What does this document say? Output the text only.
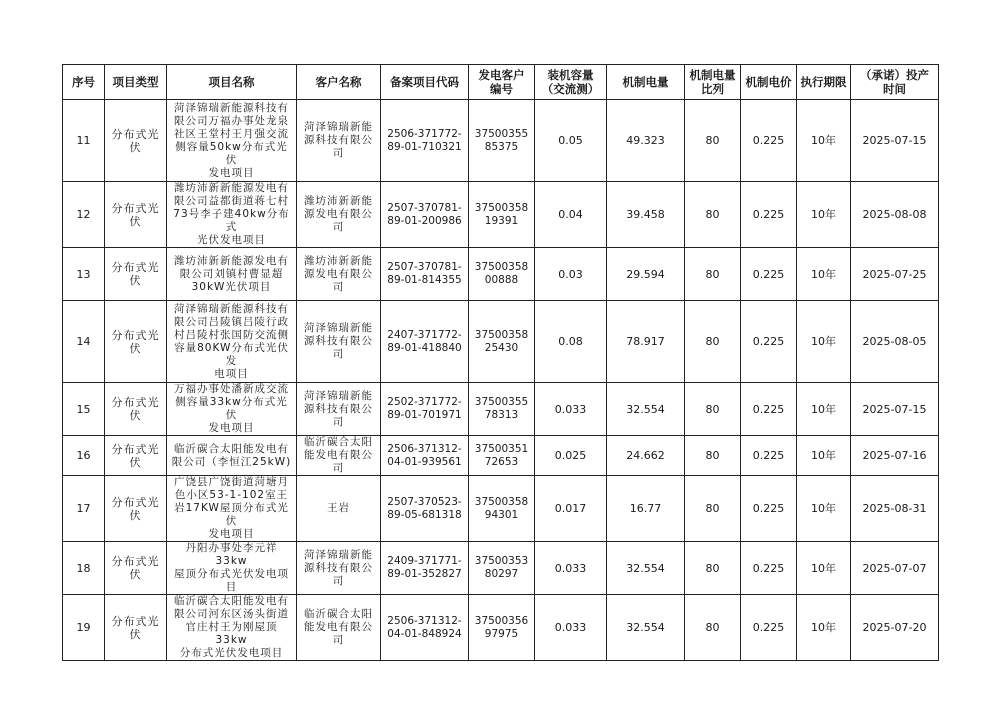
序号	项目类型	项目名称	客户名称	备案项目代码	发电客户
编号	装机容量
（交流测）	机制电量	机制电量
比列	机制电价	执行期限	（承诺）投产
时间

11	分布式光
伏	菏泽锦瑞新能源科技有
限公司万福办事处龙泉
社区王堂村王月强交流
侧容量50kw分布式光伏
发电项目	菏泽锦瑞新能
源科技有限公司	2506-371772-
89-01-710321	37500355
85375	0.05	49.323	80	0.225	10年	2025-07-15
12	分布式光
伏	潍坊沛新新能源发电有
限公司益都街道蒋七村
73号李子建40kw分布式
光伏发电项目	潍坊沛新新能
源发电有限公
司	2507-370781-
89-01-200986	37500358
19391	0.04	39.458	80	0.225	10年	2025-08-08
13	分布式光
伏	潍坊沛新新能源发电有
限公司刘镇村曹显超
30kW光伏项目	潍坊沛新新能
源发电有限公
司	2507-370781-
89-01-814355	37500358
00888	0.03	29.594	80	0.225	10年	2025-07-25
14	分布式光
伏	菏泽锦瑞新能源科技有
限公司吕陵镇吕陵行政
村吕陵村张国防交流侧
容量80KW分布式光伏发
电项目	菏泽锦瑞新能
源科技有限公司	2407-371772-
89-01-418840	37500358
25430	0.08	78.917	80	0.225	10年	2025-08-05
15	分布式光
伏	万福办事处潘新成交流
侧容量33kw分布式光伏
发电项目	菏泽锦瑞新能
源科技有限公
司	2502-371772-
89-01-701971	37500355
78313	0.033	32.554	80	0.225	10年	2025-07-15
16	分布式光
伏	临沂碳合太阳能发电有
限公司（李恒江25kW)	临沂碳合太阳
能发电有限公
司	2506-371312-
04-01-939561	37500351
72653	0.025	24.662	80	0.225	10年	2025-07-16
17	分布式光
伏	广饶县广饶街道菏塘月
色小区53-1-102室王
岩17KW屋顶分布式光伏
发电项目	王岩	2507-370523-
89-05-681318	37500358
94301	0.017	16.77	80	0.225	10年	2025-08-31
18	分布式光
伏	丹阳办事处李元祥33kw
屋顶分布式光伏发电项目	菏泽锦瑞新能
源科技有限公司	2409-371771-
89-01-352827	37500353
80297	0.033	32.554	80	0.225	10年	2025-07-07
19	分布式光
伏	临沂碳合太阳能发电有
限公司河东区汤头街道
官庄村王为刚屋顶33kw
分布式光伏发电项目	临沂碳合太阳
能发电有限公
司	2506-371312-
04-01-848924	37500356
97975	0.033	32.554	80	0.225	10年	2025-07-20
